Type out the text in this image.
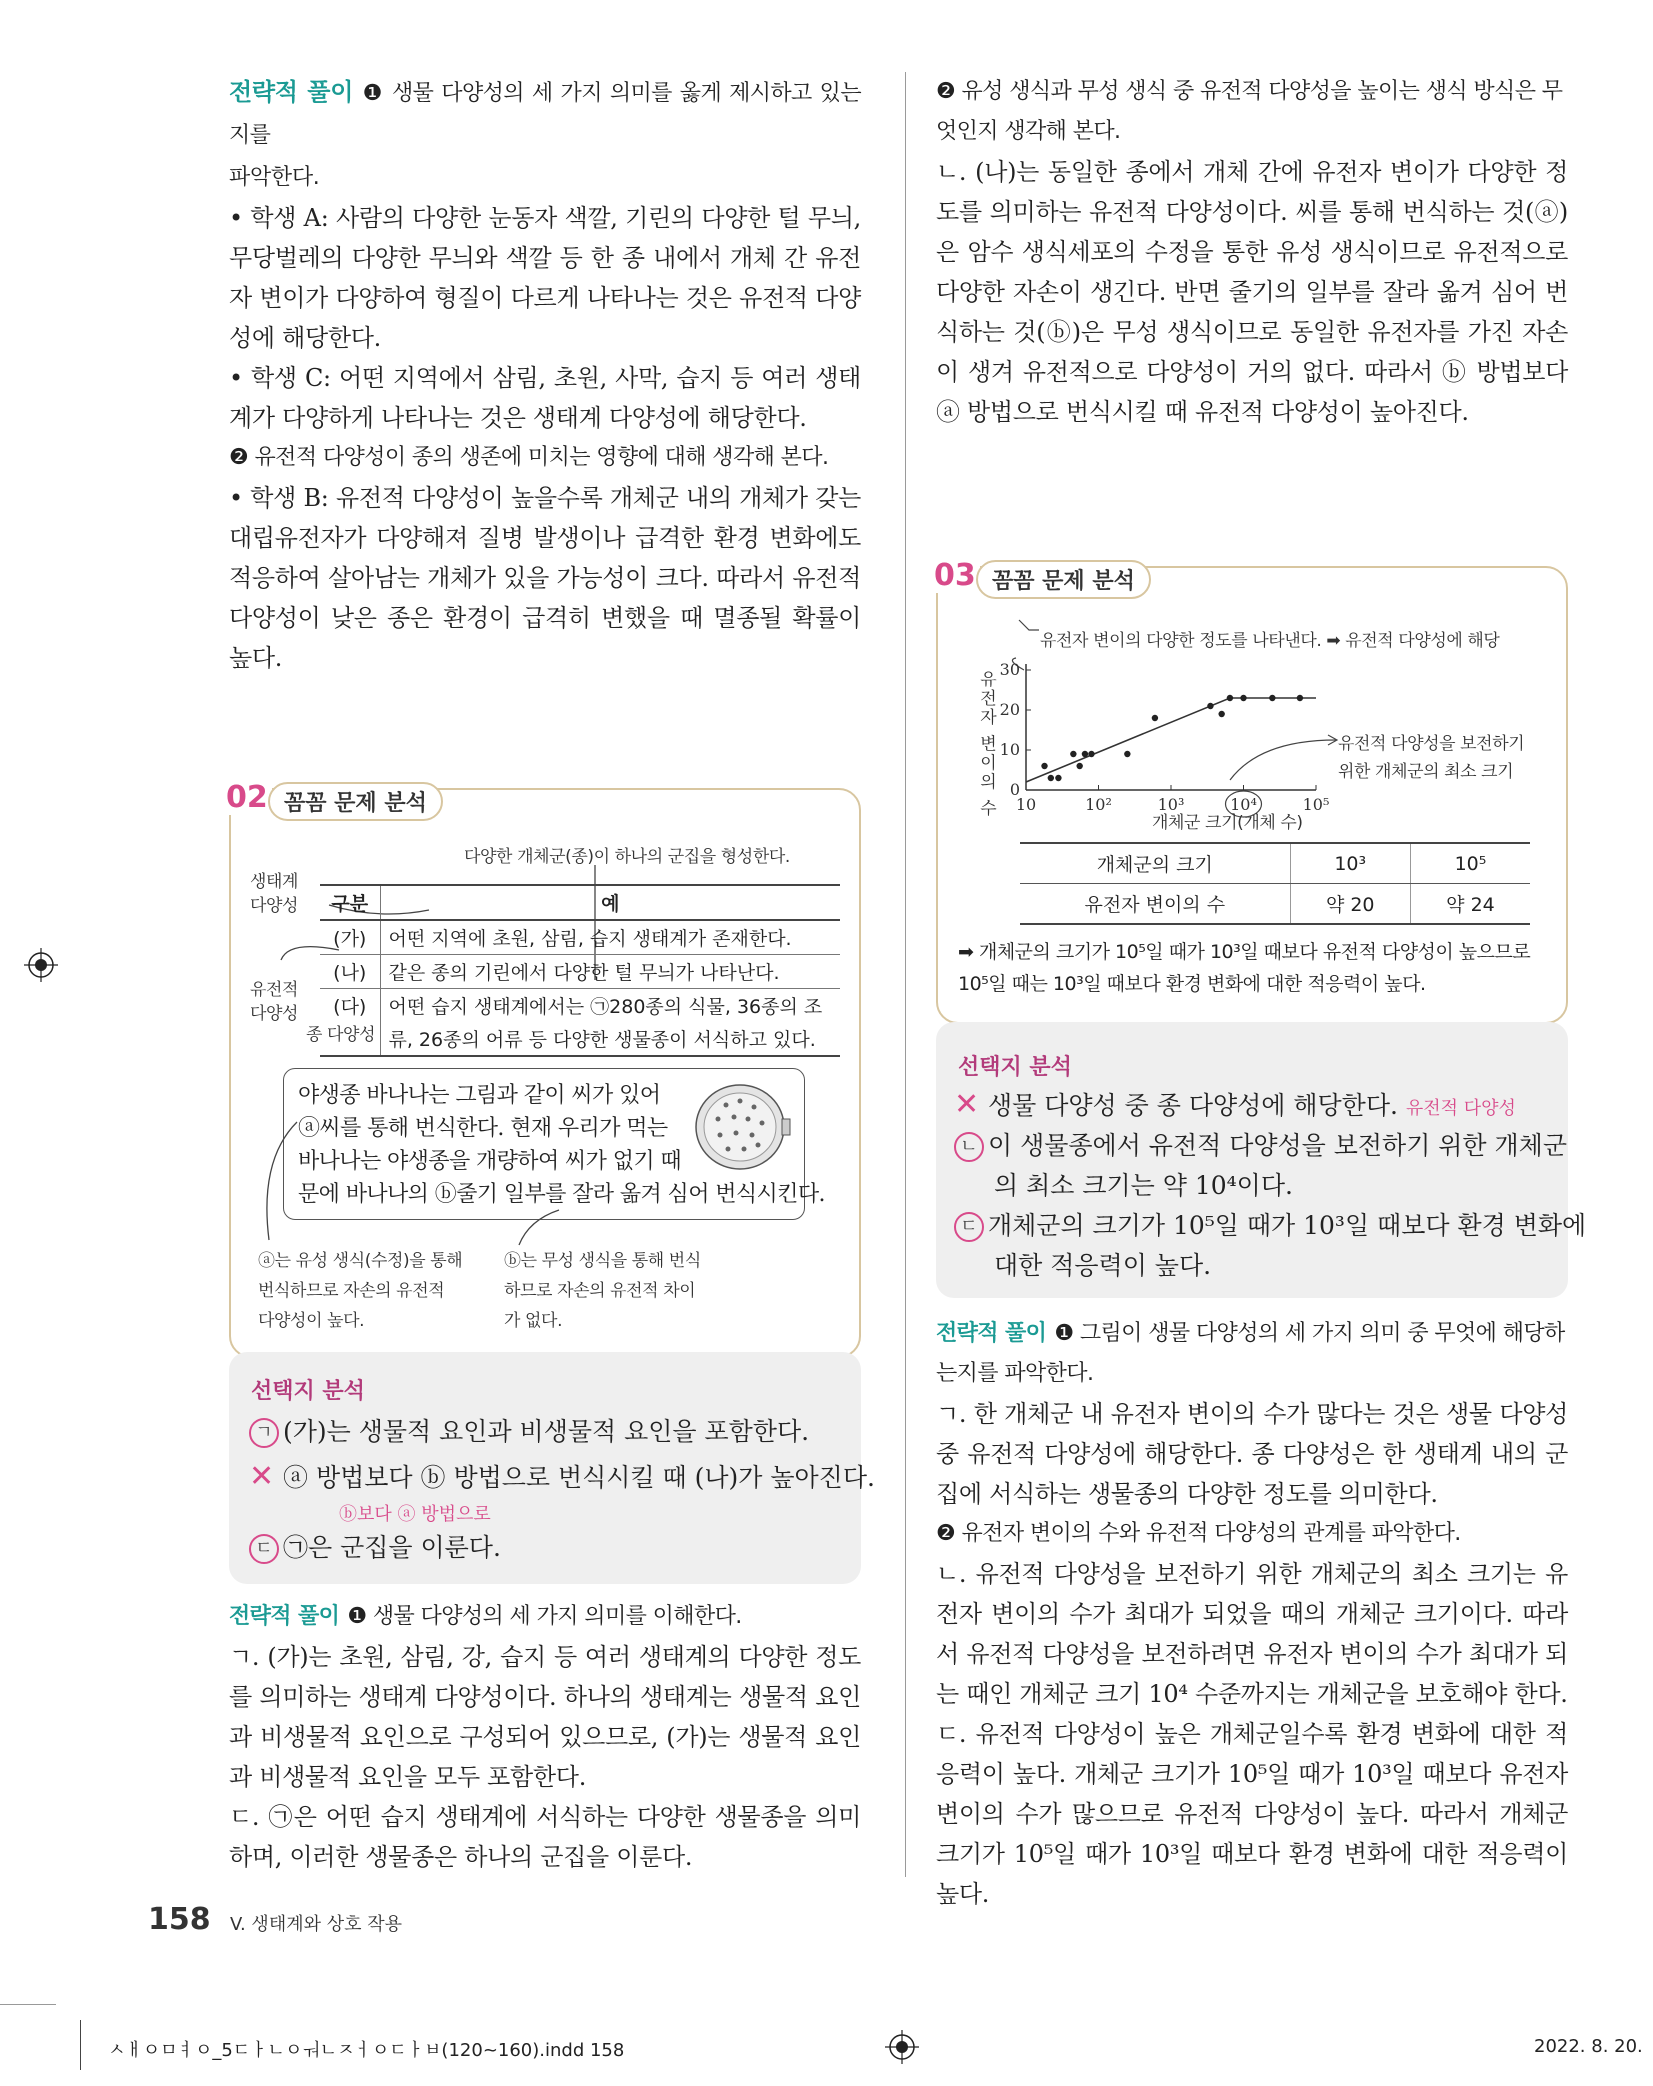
전략적 풀이 ❶ 생물 다양성의 세 가지 의미를 옳게 제시하고 있는지를
파악한다.
• 학생 A: 사람의 다양한 눈동자 색깔, 기린의 다양한 털 무늬, 무당벌레의 다양한 무늬와 색깔 등 한 종 내에서 개체 간 유전자 변이가 다양하여 형질이 다르게 나타나는 것은 유전적 다양성에 해당한다.
• 학생 C: 어떤 지역에서 삼림, 초원, 사막, 습지 등 여러 생태계가 다양하게 나타나는 것은 생태계 다양성에 해당한다.
❷ 유전적 다양성이 종의 생존에 미치는 영향에 대해 생각해 본다.
• 학생 B: 유전적 다양성이 높을수록 개체군 내의 개체가 갖는 대립유전자가 다양해져 질병 발생이나 급격한 환경 변화에도 적응하여 살아남는 개체가 있을 가능성이 크다. 따라서 유전적 다양성이 낮은 종은 환경이 급격히 변했을 때 멸종될 확률이 높다.
02 꼼꼼 문제 분석
다양한 개체군(종)이 하나의 군집을 형성한다.
생태계
다양성
유전적
다양성
종 다양성
구분	예
(가)	어떤 지역에 초원, 삼림, 습지 생태계가 존재한다.
(나)	같은 종의 기린에서 다양한 털 무늬가 나타난다.
(다)	어떤 습지 생태계에서는 ㉠280종의 식물, 36종의 조
	류, 26종의 어류 등 다양한 생물종이 서식하고 있다.
야생종 바나나는 그림과 같이 씨가 있어
ⓐ씨를 통해 번식한다. 현재 우리가 먹는
바나나는 야생종을 개량하여 씨가 없기 때
문에 바나나의 ⓑ줄기 일부를 잘라 옮겨 심어 번식시킨다.
ⓐ는 유성 생식(수정)을 통해
번식하므로 자손의 유전적
다양성이 높다.
ⓑ는 무성 생식을 통해 번식
하므로 자손의 유전적 차이
가 없다.
선택지 분석
ㄱ (가)는 생물적 요인과 비생물적 요인을 포함한다.
✕ ⓐ 방법보다 ⓑ 방법으로 번식시킬 때 (나)가 높아진다.
ⓑ보다 ⓐ 방법으로
ㄷ ㉠은 군집을 이룬다.
전략적 풀이 ❶ 생물 다양성의 세 가지 의미를 이해한다.
ㄱ. (가)는 초원, 삼림, 강, 습지 등 여러 생태계의 다양한 정도를 의미하는 생태계 다양성이다. 하나의 생태계는 생물적 요인과 비생물적 요인으로 구성되어 있으므로, (가)는 생물적 요인과 비생물적 요인을 모두 포함한다.
ㄷ. ㉠은 어떤 습지 생태계에 서식하는 다양한 생물종을 의미하며, 이러한 생물종은 하나의 군집을 이룬다.
❷ 유성 생식과 무성 생식 중 유전적 다양성을 높이는 생식 방식은 무엇인지 생각해 본다.
ㄴ. (나)는 동일한 종에서 개체 간에 유전자 변이가 다양한 정도를 의미하는 유전적 다양성이다. 씨를 통해 번식하는 것(ⓐ)은 암수 생식세포의 수정을 통한 유성 생식이므로 유전적으로 다양한 자손이 생긴다. 반면 줄기의 일부를 잘라 옮겨 심어 번식하는 것(ⓑ)은 무성 생식이므로 동일한 유전자를 가진 자손이 생겨 유전적으로 다양성이 거의 없다. 따라서 ⓑ 방법보다 ⓐ 방법으로 번식시킬 때 유전적 다양성이 높아진다.
03 꼼꼼 문제 분석
유전자 변이의 다양한 정도를 나타낸다. ➡ 유전적 다양성에 해당
유전적 다양성을 보전하기
위한 개체군의 최소 크기
유전자 변이의 수 10	10²	10³	10⁴	10⁵
0
10
20
30
개체군 크기(개체 수)
개체군의 크기	10³	10⁵
유전자 변이의 수	약 20	약 24
➡ 개체군의 크기가 10⁵일 때가 10³일 때보다 유전적 다양성이 높으므로 10⁵일 때는 10³일 때보다 환경 변화에 대한 적응력이 높다.
선택지 분석
✕ 생물 다양성 중 종 다양성에 해당한다. 유전적 다양성
ㄴ 이 생물종에서 유전적 다양성을 보전하기 위한 개체군
의 최소 크기는 약 10⁴이다.
ㄷ 개체군의 크기가 10⁵일 때가 10³일 때보다 환경 변화에
대한 적응력이 높다.
전략적 풀이 ❶ 그림이 생물 다양성의 세 가지 의미 중 무엇에 해당하는지를 파악한다.
ㄱ. 한 개체군 내 유전자 변이의 수가 많다는 것은 생물 다양성 중 유전적 다양성에 해당한다. 종 다양성은 한 생태계 내의 군집에 서식하는 생물종의 다양한 정도를 의미한다.
❷ 유전자 변이의 수와 유전적 다양성의 관계를 파악한다.
ㄴ. 유전적 다양성을 보전하기 위한 개체군의 최소 크기는 유전자 변이의 수가 최대가 되었을 때의 개체군 크기이다. 따라서 유전적 다양성을 보전하려면 유전자 변이의 수가 최대가 되는 때인 개체군 크기 10⁴ 수준까지는 개체군을 보호해야 한다.
ㄷ. 유전적 다양성이 높은 개체군일수록 환경 변화에 대한 적응력이 높다. 개체군 크기가 10⁵일 때가 10³일 때보다 유전자 변이의 수가 많으므로 유전적 다양성이 높다. 따라서 개체군 크기가 10⁵일 때가 10³일 때보다 환경 변화에 대한 적응력이 높다.
158 V. 생태계와 상호 작용
ㅅㅐㅇㅁㅕㅇ_5ㄷㅏㄴㅇㅝㄴㅈㅓㅇㄷㅏㅂ(120~160).indd 158	2022. 8. 20.
